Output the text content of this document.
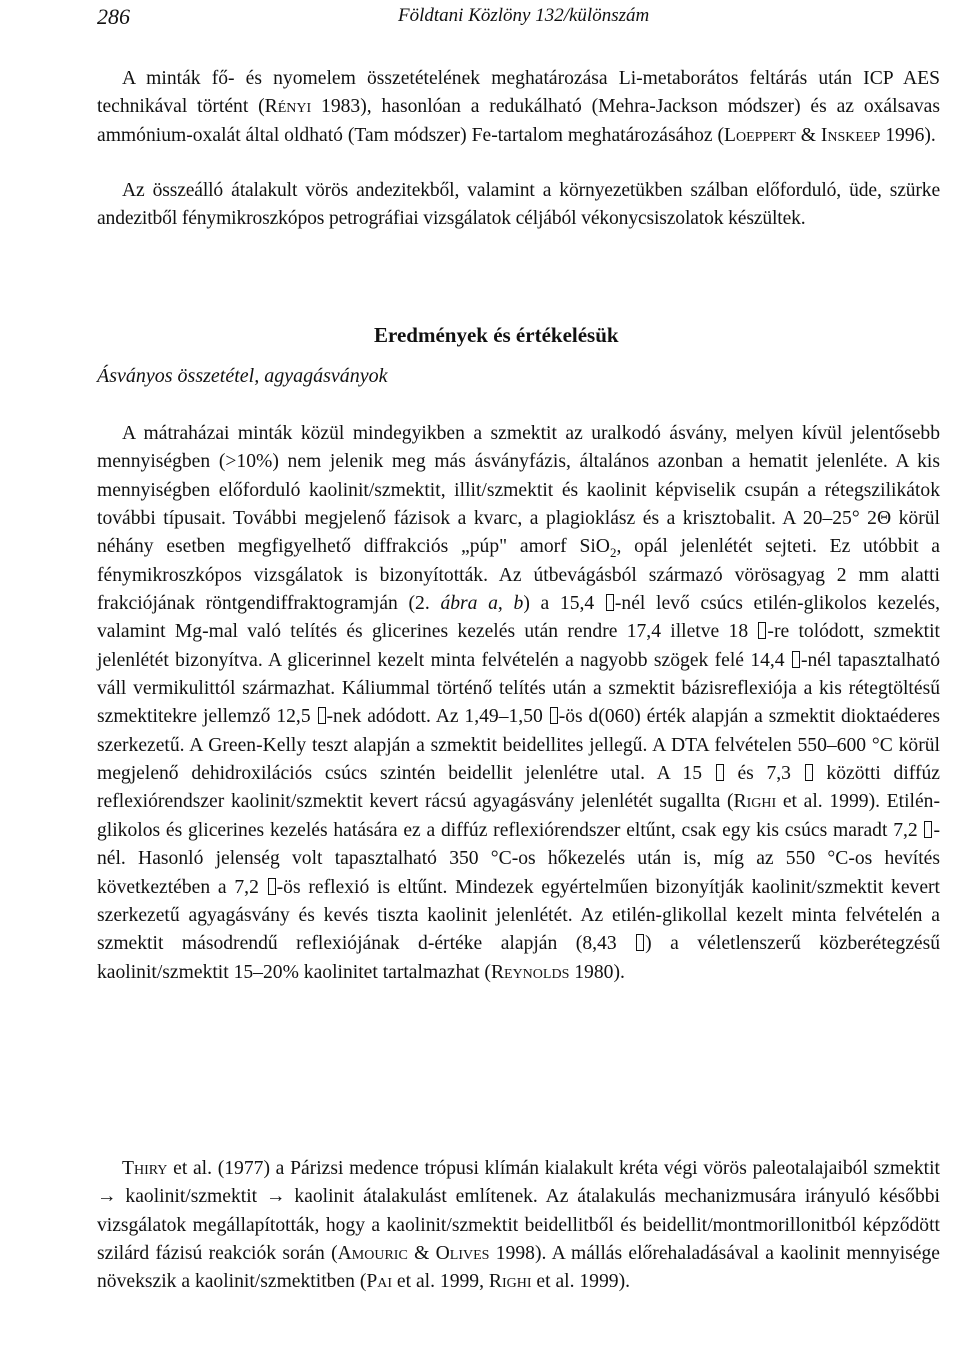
286	Földtani Közlöny 132/különszám

A minták fő- és nyomelem összetételének meghatározása Li-metaborátos feltárás után ICP AES technikával történt (Rényi 1983), hasonlóan a redukálható (Mehra-Jackson módszer) és az oxálsavas ammónium-oxalát által oldható (Tam módszer) Fe-tartalom meghatározásához (Loeppert & Inskeep 1996).

Az összeálló átalakult vörös andezitekből, valamint a környezetükben szálban előforduló, üde, szürke andezitből fénymikroszkópos petrográfiai vizsgálatok céljából vékonycsiszolatok készültek.

Eredmények és értékelésük
Ásványos összetétel, agyagásványok

A mátraházai minták közül mindegyikben a szmektit az uralkodó ásvány, melyen kívül jelentősebb mennyiségben (>10%) nem jelenik meg más ásványfázis, általános azonban a hematit jelenléte. A kis mennyiségben előforduló kaolinit/szmektit, illit/szmektit és kaolinit képviselik csupán a rétegszilikátok további típusait. További megjelenő fázisok a kvarc, a plagioklász és a krisztobalit. A 20–25° 2Θ körül néhány esetben megfigyelhető diffrakciós „púp" amorf SiO$_2$, opál jelenlétét sejteti. Ez utóbbit a fénymikroszkópos vizsgálatok is bizonyították. Az útbevágásból származó vörösagyag 2 mm alatti frakciójának röntgendiffraktogramján (2. ábra a, b) a 15,4 -nél levő csúcs etilén-glikolos kezelés, valamint Mg-mal való telítés és glicerines kezelés után rendre 17,4 illetve 18 -re tolódott, szmektit jelenlétét bizonyítva. A glicerinnel kezelt minta felvételén a nagyobb szögek felé 14,4 -nél tapasztalható váll vermikulittól származhat. Káliummal történő telítés után a szmektit bázisreflexiója a kis rétegtöltésű szmektitekre jellemző 12,5 -nek adódott. Az 1,49–1,50 -ös d(060) érték alapján a szmektit dioktaéderes szerkezetű. A Green-Kelly teszt alapján a szmektit beidellites jellegű. A DTA felvételen 550–600 °C körül megjelenő dehidroxilációs csúcs szintén beidellit jelenlétre utal. A 15  és 7,3  közötti diffúz reflexiórendszer kaolinit/szmektit kevert rácsú agyagásvány jelenlétét sugallta (Righi et al. 1999). Etilén-glikolos és glicerines kezelés hatására ez a diffúz reflexiórendszer eltűnt, csak egy kis csúcs maradt 7,2 -nél. Hasonló jelenség volt tapasztalható 350 °C-os hőkezelés után is, míg az 550 °C-os hevítés következtében a 7,2 -ös reflexió is eltűnt. Mindezek egyértelműen bizonyítják kaolinit/szmektit kevert szerkezetű agyagásvány és kevés tiszta kaolinit jelenlétét. Az etilén-glikollal kezelt minta felvételén a szmektit másodrendű reflexiójának d-értéke alapján (8,43 ) a véletlenszerű közberétegzésű kaolinit/szmektit 15–20% kaolinitet tartalmazhat (Reynolds 1980).

Thiry et al. (1977) a Párizsi medence trópusi klímán kialakult kréta végi vörös paleotalajaiból szmektit → kaolinit/szmektit → kaolinit átalakulást említenek. Az átalakulás mechanizmusára irányuló későbbi vizsgálatok megállapították, hogy a kaolinit/szmektit beidellitből és beidellit/montmorillonitból képződött szilárd fázisú reakciók során (Amouric & Olives 1998). A mállás előrehaladásával a kaolinit mennyisége növekszik a kaolinit/szmektitben (Pai et al. 1999, Righi et al. 1999).
